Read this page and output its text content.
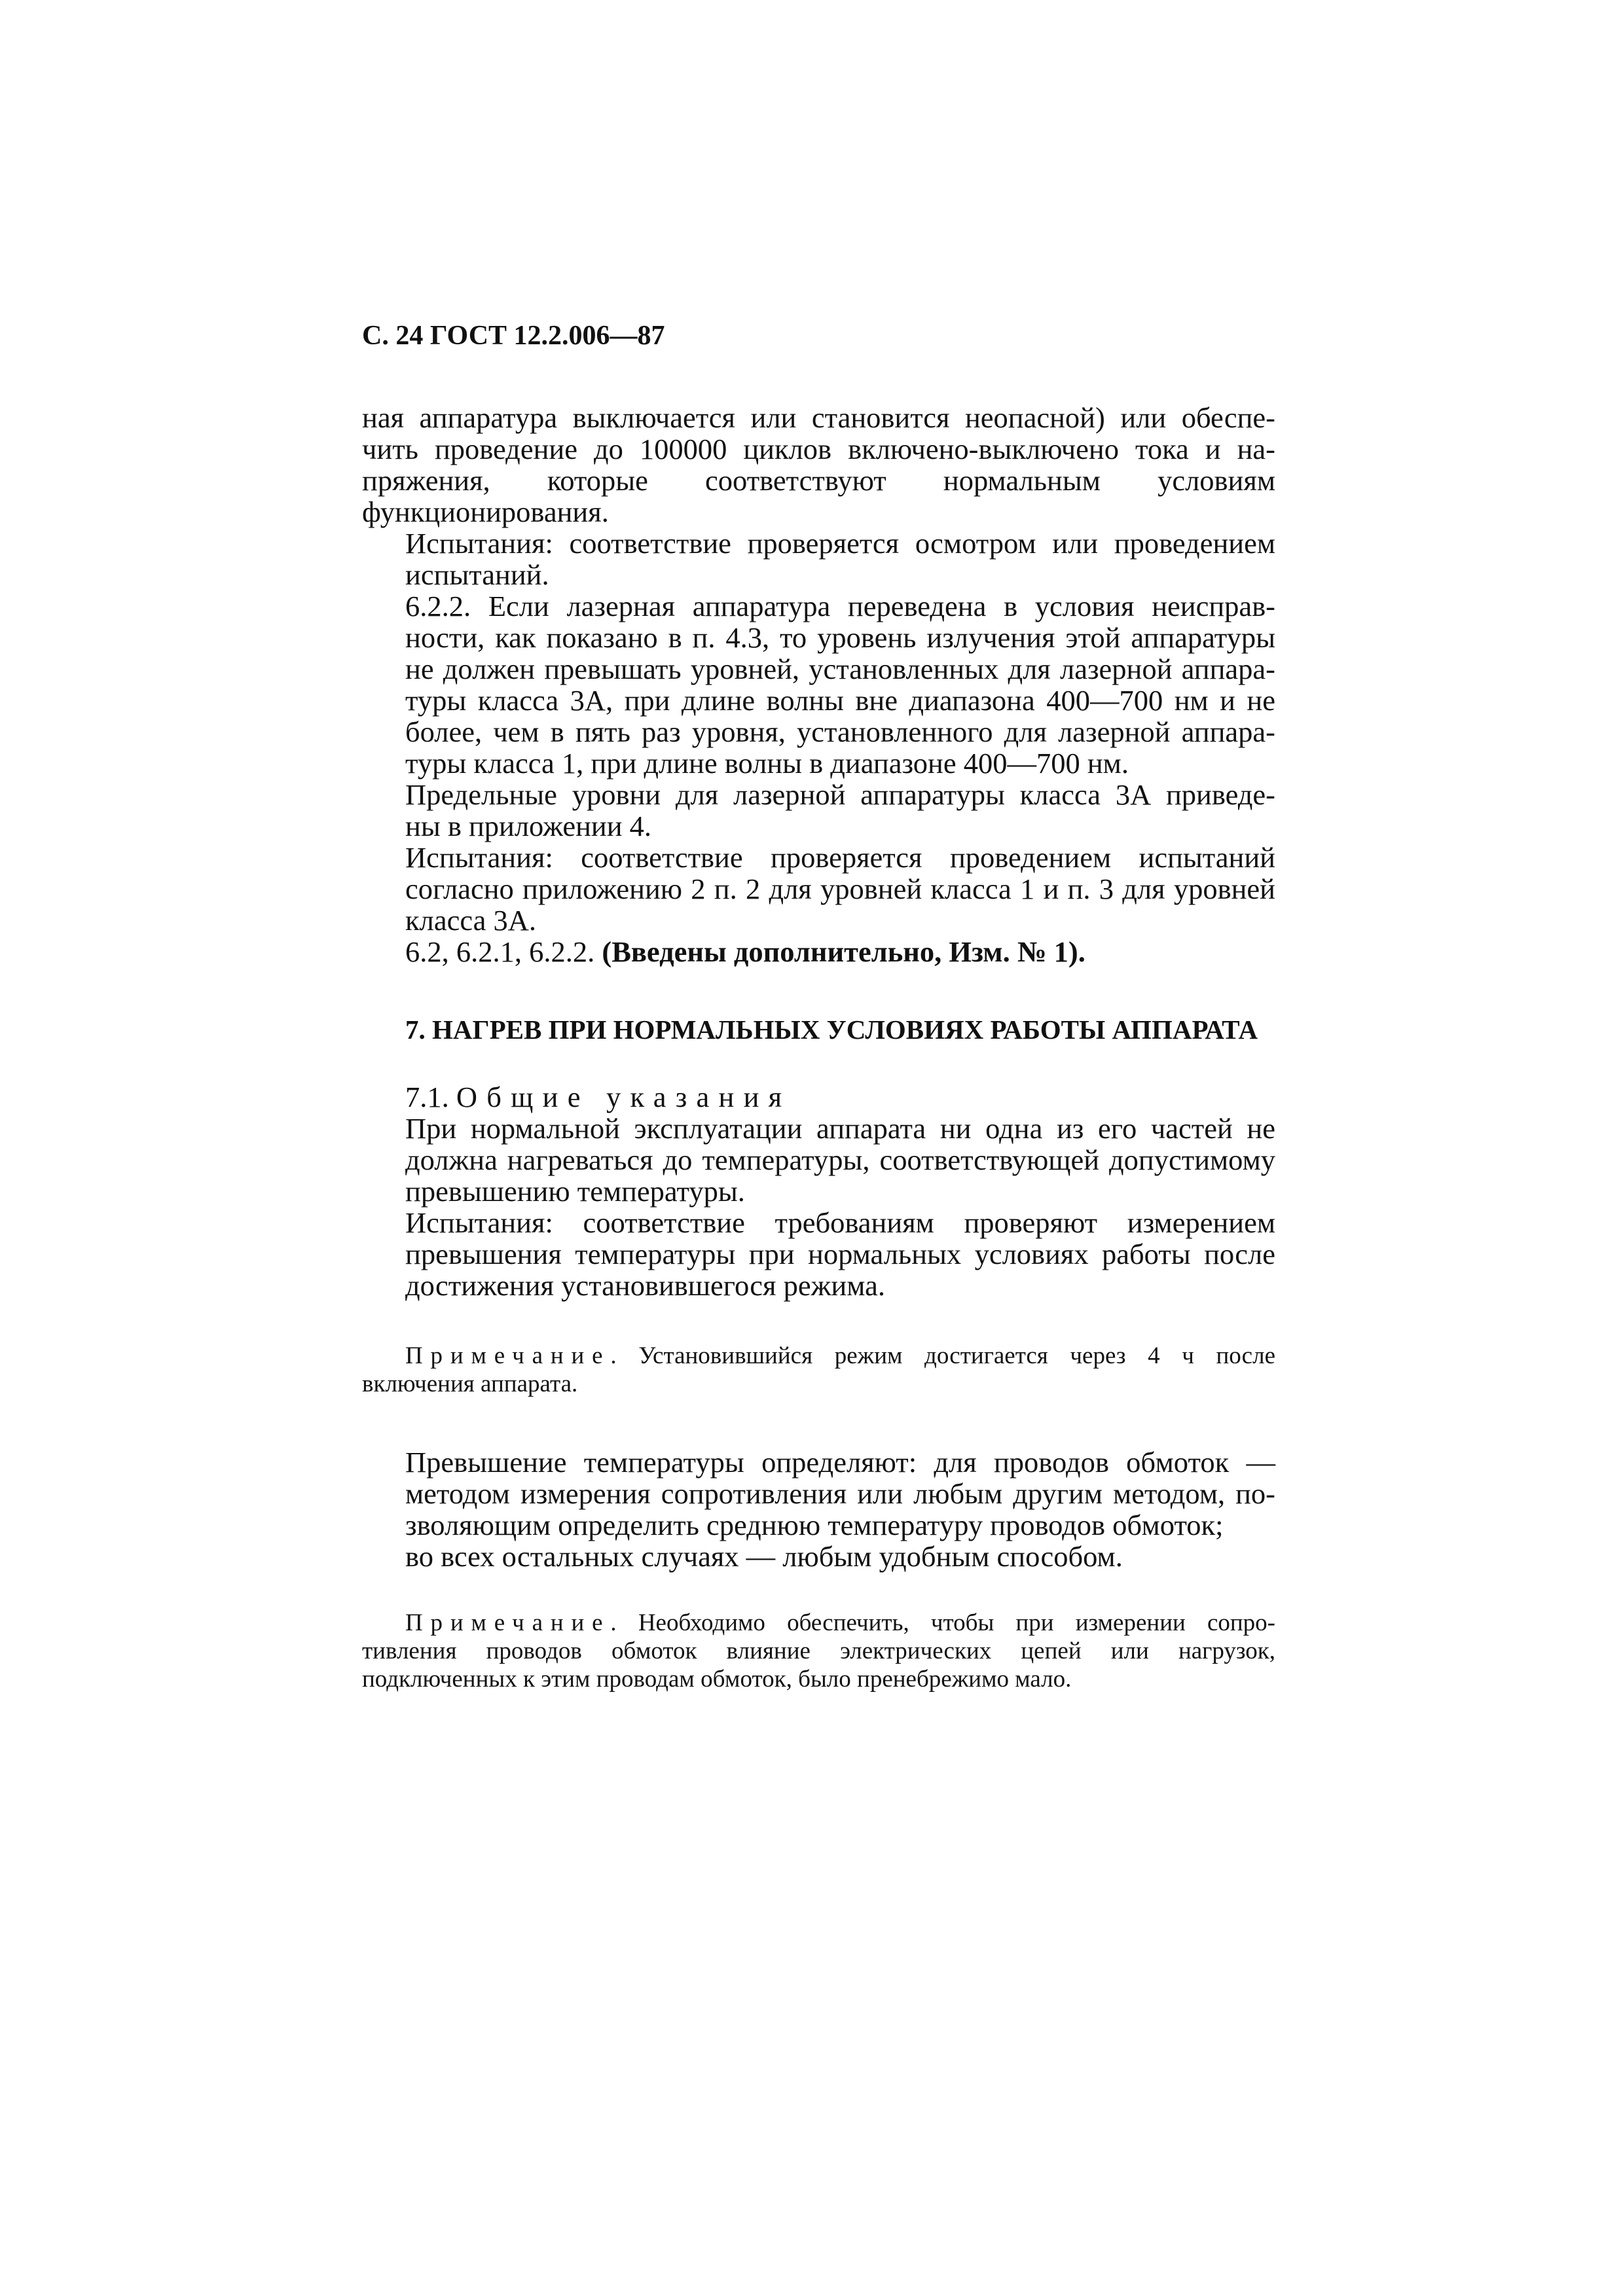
С. 24 ГОСТ 12.2.006—87

ная аппаратура выключается или становится неопасной) или обеспе-
чить проведение до 100000 циклов включено-выключено тока и на-
пряжения, которые соответствуют нормальным условиям
функционирования.

Испытания: соответствие проверяется осмотром или проведением
испытаний.

6.2.2. Если лазерная аппаратура переведена в условия неисправ-
ности, как показано в п. 4.3, то уровень излучения этой аппаратуры
не должен превышать уровней, установленных для лазерной аппара-
туры класса 3А, при длине волны вне диапазона 400—700 нм и не
более, чем в пять раз уровня, установленного для лазерной аппара-
туры класса 1, при длине волны в диапазоне 400—700 нм.

Предельные уровни для лазерной аппаратуры класса 3А приведе-
ны в приложении 4.

Испытания: соответствие проверяется проведением испытаний
согласно приложению 2 п. 2 для уровней класса 1 и п. 3 для уровней
класса 3А.

6.2, 6.2.1, 6.2.2. (Введены дополнительно, Изм. № 1).

7. НАГРЕВ ПРИ НОРМАЛЬНЫХ УСЛОВИЯХ РАБОТЫ АППАРАТА

7.1. Общие указания

При нормальной эксплуатации аппарата ни одна из его частей не
должна нагреваться до температуры, соответствующей допустимому
превышению температуры.

Испытания: соответствие требованиям проверяют измерением
превышения температуры при нормальных условиях работы после
достижения установившегося режима.

Примечание. Установившийся режим достигается через 4 ч после
включения аппарата.

Превышение температуры определяют: для проводов обмоток —
методом измерения сопротивления или любым другим методом, по-
зволяющим определить среднюю температуру проводов обмоток;

во всех остальных случаях — любым удобным способом.

Примечание. Необходимо обеспечить, чтобы при измерении сопро-
тивления проводов обмоток влияние электрических цепей или нагрузок,
подключенных к этим проводам обмоток, было пренебрежимо мало.
